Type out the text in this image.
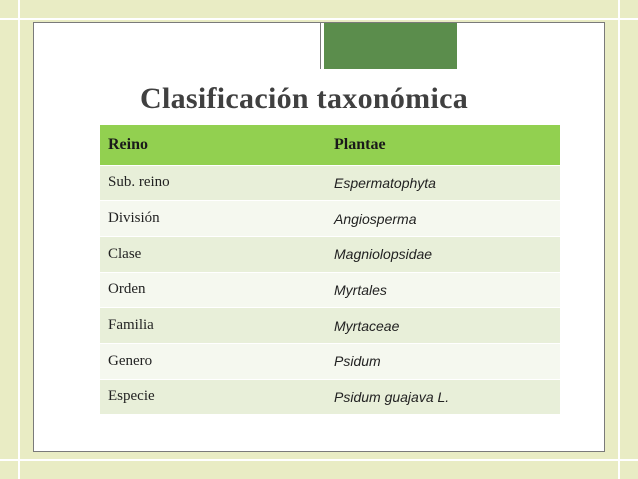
Clasificación taxonómica
Reino	Plantae
Sub. reino	Espermatophyta
División	Angiosperma
Clase	Magniolopsidae
Orden	Myrtales
Familia	Myrtaceae
Genero	Psidum
Especie	Psidum guajava L.
